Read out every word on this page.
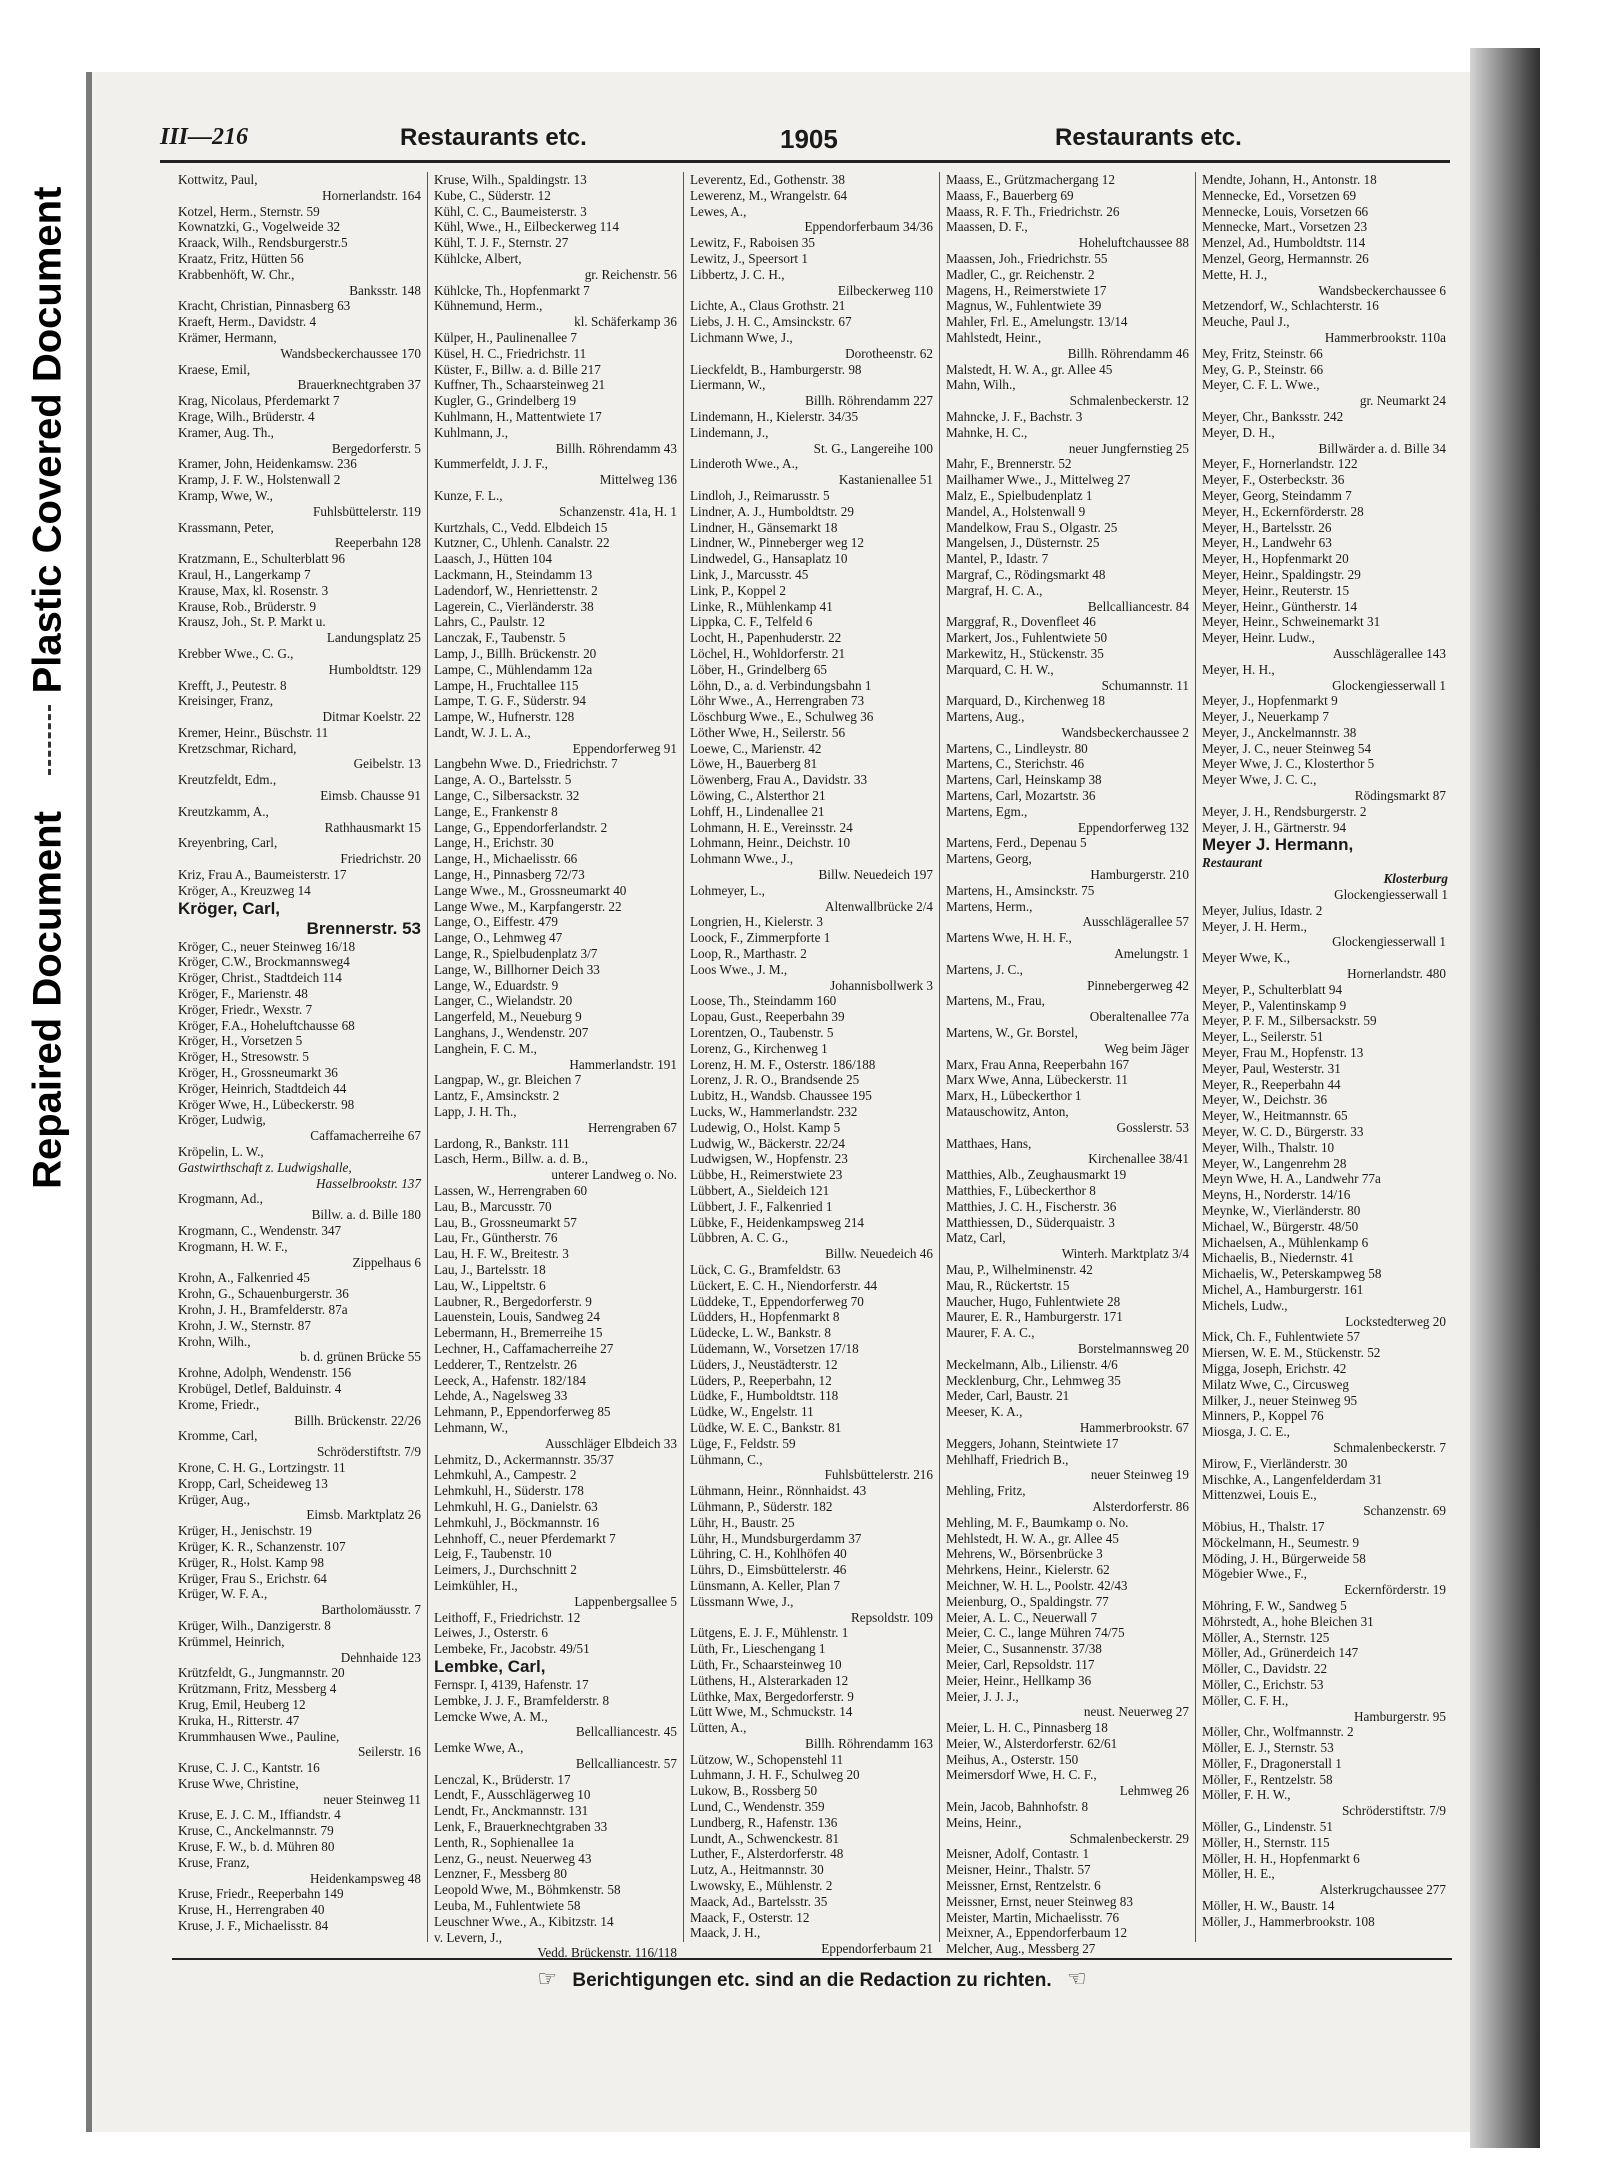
Plastic Covered Document
Repaired Document
III—216	Restaurants etc.	1905	Restaurants etc.
Kottwitz, Paul,
Hornerlandstr. 164
Kotzel, Herm., Sternstr. 59
Kownatzki, G., Vogelweide 32
Kraack, Wilh., Rendsburgerstr.5
Kraatz, Fritz, Hütten 56
Krabbenhöft, W. Chr.,
Banksstr. 148
Kracht, Christian, Pinnasberg 63
Kraeft, Herm., Davidstr. 4
Krämer, Hermann,
Wandsbeckerchaussee 170
Kraese, Emil,
Brauerknechtgraben 37
Krag, Nicolaus, Pferdemarkt 7
Krage, Wilh., Brüderstr. 4
Kramer, Aug. Th.,
Bergedorferstr. 5
Kramer, John, Heidenkamsw. 236
Kramp, J. F. W., Holstenwall 2
Kramp, Wwe, W.,
Fuhlsbüttelerstr. 119
Krassmann, Peter,
Reeperbahn 128
Kratzmann, E., Schulterblatt 96
Kraul, H., Langerkamp 7
Krause, Max, kl. Rosenstr. 3
Krause, Rob., Brüderstr. 9
Krausz, Joh., St. P. Markt u.
Landungsplatz 25
Krebber Wwe., C. G.,
Humboldtstr. 129
Krefft, J., Peutestr. 8
Kreisinger, Franz,
Ditmar Koelstr. 22
Kremer, Heinr., Büschstr. 11
Kretzschmar, Richard,
Geibelstr. 13
Kreutzfeldt, Edm.,
Eimsb. Chausse 91
Kreutzkamm, A.,
Rathhausmarkt 15
Kreyenbring, Carl,
Friedrichstr. 20
Kriz, Frau A., Baumeisterstr. 17
Kröger, A., Kreuzweg 14
Kröger, Carl,
Brennerstr. 53
Kröger, C., neuer Steinweg 16/18
Kröger, C.W., Brockmannsweg4
Kröger, Christ., Stadtdeich 114
Kröger, F., Marienstr. 48
Kröger, Friedr., Wexstr. 7
Kröger, F.A., Hoheluftchausse 68
Kröger, H., Vorsetzen 5
Kröger, H., Stresowstr. 5
Kröger, H., Grossneumarkt 36
Kröger, Heinrich, Stadtdeich 44
Kröger Wwe, H., Lübeckerstr. 98
Kröger, Ludwig,
Caffamacherreihe 67
Kröpelin, L. W.,
Gastwirthschaft z. Ludwigshalle,
Hasselbrookstr. 137
Krogmann, Ad.,
Billw. a. d. Bille 180
Krogmann, C., Wendenstr. 347
Krogmann, H. W. F.,
Zippelhaus 6
Krohn, A., Falkenried 45
Krohn, G., Schauenburgerstr. 36
Krohn, J. H., Bramfelderstr. 87a
Krohn, J. W., Sternstr. 87
Krohn, Wilh.,
b. d. grünen Brücke 55
Krohne, Adolph, Wendenstr. 156
Krobügel, Detlef, Balduinstr. 4
Krome, Friedr.,
Billh. Brückenstr. 22/26
Kromme, Carl,
Schröderstiftstr. 7/9
Krone, C. H. G., Lortzingstr. 11
Kropp, Carl, Scheideweg 13
Krüger, Aug.,
Eimsb. Marktplatz 26
Krüger, H., Jenischstr. 19
Krüger, K. R., Schanzenstr. 107
Krüger, R., Holst. Kamp 98
Krüger, Frau S., Erichstr. 64
Krüger, W. F. A.,
Bartholomäusstr. 7
Krüger, Wilh., Danzigerstr. 8
Krümmel, Heinrich,
Dehnhaide 123
Krützfeldt, G., Jungmannstr. 20
Krützmann, Fritz, Messberg 4
Krug, Emil, Heuberg 12
Kruka, H., Ritterstr. 47
Krummhausen Wwe., Pauline,
Seilerstr. 16
Kruse, C. J. C., Kantstr. 16
Kruse Wwe, Christine,
neuer Steinweg 11
Kruse, E. J. C. M., Iffiandstr. 4
Kruse, C., Anckelmannstr. 79
Kruse, F. W., b. d. Mühren 80
Kruse, Franz,
Heidenkampsweg 48
Kruse, Friedr., Reeperbahn 149
Kruse, H., Herrengraben 40
Kruse, J. F., Michaelisstr. 84
Kruse, Wilh., Spaldingstr. 13
Kube, C., Süderstr. 12
Kühl, C. C., Baumeisterstr. 3
Kühl, Wwe., H., Eilbeckerweg 114
Kühl, T. J. F., Sternstr. 27
Kühlcke, Albert,
gr. Reichenstr. 56
Kühlcke, Th., Hopfenmarkt 7
Kühnemund, Herm.,
kl. Schäferkamp 36
Külper, H., Paulinenallee 7
Küsel, H. C., Friedrichstr. 11
Küster, F., Billw. a. d. Bille 217
Kuffner, Th., Schaarsteinweg 21
Kugler, G., Grindelberg 19
Kuhlmann, H., Mattentwiete 17
Kuhlmann, J.,
Billh. Röhrendamm 43
Kummerfeldt, J. J. F.,
Mittelweg 136
Kunze, F. L.,
Schanzenstr. 41a, H. 1
Kurtzhals, C., Vedd. Elbdeich 15
Kutzner, C., Uhlenh. Canalstr. 22
Laasch, J., Hütten 104
Lackmann, H., Steindamm 13
Ladendorf, W., Henriettenstr. 2
Lagerein, C., Vierländerstr. 38
Lahrs, C., Paulstr. 12
Lanczak, F., Taubenstr. 5
Lamp, J., Billh. Brückenstr. 20
Lampe, C., Mühlendamm 12a
Lampe, H., Fruchtallee 115
Lampe, T. G. F., Süderstr. 94
Lampe, W., Hufnerstr. 128
Landt, W. J. L. A.,
Eppendorferweg 91
Langbehn Wwe. D., Friedrichstr. 7
Lange, A. O., Bartelsstr. 5
Lange, C., Silbersackstr. 32
Lange, E., Frankenstr 8
Lange, G., Eppendorferlandstr. 2
Lange, H., Erichstr. 30
Lange, H., Michaelisstr. 66
Lange, H., Pinnasberg 72/73
Lange Wwe., M., Grossneumarkt 40
Lange Wwe., M., Karpfangerstr. 22
Lange, O., Eiffestr. 479
Lange, O., Lehmweg 47
Lange, R., Spielbudenplatz 3/7
Lange, W., Billhorner Deich 33
Lange, W., Eduardstr. 9
Langer, C., Wielandstr. 20
Langerfeld, M., Neueburg 9
Langhans, J., Wendenstr. 207
Langhein, F. C. M.,
Hammerlandstr. 191
Langpap, W., gr. Bleichen 7
Lantz, F., Amsinckstr. 2
Lapp, J. H. Th.,
Herrengraben 67
Lardong, R., Bankstr. 111
Lasch, Herm., Billw. a. d. B.,
unterer Landweg o. No.
Lassen, W., Herrengraben 60
Lau, B., Marcusstr. 70
Lau, B., Grossneumarkt 57
Lau, Fr., Güntherstr. 76
Lau, H. F. W., Breitestr. 3
Lau, J., Bartelsstr. 18
Lau, W., Lippeltstr. 6
Laubner, R., Bergedorferstr. 9
Lauenstein, Louis, Sandweg 24
Lebermann, H., Bremerreihe 15
Lechner, H., Caffamacherreihe 27
Ledderer, T., Rentzelstr. 26
Leeck, A., Hafenstr. 182/184
Lehde, A., Nagelsweg 33
Lehmann, P., Eppendorferweg 85
Lehmann, W.,
Ausschläger Elbdeich 33
Lehmitz, D., Ackermannstr. 35/37
Lehmkuhl, A., Campestr. 2
Lehmkuhl, H., Süderstr. 178
Lehmkuhl, H. G., Danielstr. 63
Lehmkuhl, J., Böckmannstr. 16
Lehnhoff, C., neuer Pferdemarkt 7
Leig, F., Taubenstr. 10
Leimers, J., Durchschnitt 2
Leimkühler, H.,
Lappenbergsallee 5
Leithoff, F., Friedrichstr. 12
Leiwes, J., Osterstr. 6
Lembeke, Fr., Jacobstr. 49/51
Lembke, Carl,
Fernspr. I, 4139, Hafenstr. 17
Lembke, J. J. F., Bramfelderstr. 8
Lemcke Wwe, A. M.,
Bellcalliancestr. 45
Lemke Wwe, A.,
Bellcalliancestr. 57
Lenczal, K., Brüderstr. 17
Lendt, F., Ausschlägerweg 10
Lendt, Fr., Anckmannstr. 131
Lenk, F., Brauerknechtgraben 33
Lenth, R., Sophienallee 1a
Lenz, G., neust. Neuerweg 43
Lenzner, F., Messberg 80
Leopold Wwe, M., Böhmkenstr. 58
Leuba, M., Fuhlentwiete 58
Leuschner Wwe., A., Kibitzstr. 14
v. Levern, J.,
Vedd. Brückenstr. 116/118
Leverentz, Ed., Gothenstr. 38
Lewerenz, M., Wrangelstr. 64
Lewes, A.,
Eppendorferbaum 34/36
Lewitz, F., Raboisen 35
Lewitz, J., Speersort 1
Libbertz, J. C. H.,
Eilbeckerweg 110
Lichte, A., Claus Grothstr. 21
Liebs, J. H. C., Amsinckstr. 67
Lichmann Wwe, J.,
Dorotheenstr. 62
Lieckfeldt, B., Hamburgerstr. 98
Liermann, W.,
Billh. Röhrendamm 227
Lindemann, H., Kielerstr. 34/35
Lindemann, J.,
St. G., Langereihe 100
Linderoth Wwe., A.,
Kastanienallee 51
Lindloh, J., Reimarusstr. 5
Lindner, A. J., Humboldtstr. 29
Lindner, H., Gänsemarkt 18
Lindner, W., Pinneberger weg 12
Lindwedel, G., Hansaplatz 10
Link, J., Marcusstr. 45
Link, P., Koppel 2
Linke, R., Mühlenkamp 41
Lippka, C. F., Telfeld 6
Locht, H., Papenhuderstr. 22
Löchel, H., Wohldorferstr. 21
Löber, H., Grindelberg 65
Löhn, D., a. d. Verbindungsbahn 1
Löhr Wwe., A., Herrengraben 73
Löschburg Wwe., E., Schulweg 36
Löther Wwe, H., Seilerstr. 56
Loewe, C., Marienstr. 42
Löwe, H., Bauerberg 81
Löwenberg, Frau A., Davidstr. 33
Löwing, C., Alsterthor 21
Lohff, H., Lindenallee 21
Lohmann, H. E., Vereinsstr. 24
Lohmann, Heinr., Deichstr. 10
Lohmann Wwe., J.,
Billw. Neuedeich 197
Lohmeyer, L.,
Altenwallbrücke 2/4
Longrien, H., Kielerstr. 3
Loock, F., Zimmerpforte 1
Loop, R., Marthastr. 2
Loos Wwe., J. M.,
Johannisbollwerk 3
Loose, Th., Steindamm 160
Lopau, Gust., Reeperbahn 39
Lorentzen, O., Taubenstr. 5
Lorenz, G., Kirchenweg 1
Lorenz, H. M. F., Osterstr. 186/188
Lorenz, J. R. O., Brandsende 25
Lubitz, H., Wandsb. Chaussee 195
Lucks, W., Hammerlandstr. 232
Ludewig, O., Holst. Kamp 5
Ludwig, W., Bäckerstr. 22/24
Ludwigsen, W., Hopfenstr. 23
Lübbe, H., Reimerstwiete 23
Lübbert, A., Sieldeich 121
Lübbert, J. F., Falkenried 1
Lübke, F., Heidenkampsweg 214
Lübbren, A. C. G.,
Billw. Neuedeich 46
Lück, C. G., Bramfeldstr. 63
Lückert, E. C. H., Niendorferstr. 44
Lüddeke, T., Eppendorferweg 70
Lüdders, H., Hopfenmarkt 8
Lüdecke, L. W., Bankstr. 8
Lüdemann, W., Vorsetzen 17/18
Lüders, J., Neustädterstr. 12
Lüders, P., Reeperbahn, 12
Lüdke, F., Humboldtstr. 118
Lüdke, W., Engelstr. 11
Lüdke, W. E. C., Bankstr. 81
Lüge, F., Feldstr. 59
Lühmann, C.,
Fuhlsbüttelerstr. 216
Lühmann, Heinr., Rönnhaidst. 43
Lühmann, P., Süderstr. 182
Lühr, H., Baustr. 25
Lühr, H., Mundsburgerdamm 37
Lühring, C. H., Kohlhöfen 40
Lührs, D., Eimsbüttelerstr. 46
Lünsmann, A. Keller, Plan 7
Lüssmann Wwe, J.,
Repsoldstr. 109
Lütgens, E. J. F., Mühlenstr. 1
Lüth, Fr., Lieschengang 1
Lüth, Fr., Schaarsteinweg 10
Lüthens, H., Alsterarkaden 12
Lüthke, Max, Bergedorferstr. 9
Lütt Wwe, M., Schmuckstr. 14
Lütten, A.,
Billh. Röhrendamm 163
Lützow, W., Schopenstehl 11
Luhmann, J. H. F., Schulweg 20
Lukow, B., Rossberg 50
Lund, C., Wendenstr. 359
Lundberg, R., Hafenstr. 136
Lundt, A., Schwenckestr. 81
Luther, F., Alsterdorferstr. 48
Lutz, A., Heitmannstr. 30
Lwowsky, E., Mühlenstr. 2
Maack, Ad., Bartelsstr. 35
Maack, F., Osterstr. 12
Maack, J. H.,
Eppendorferbaum 21
Maass, E., Grützmachergang 12
Maass, F., Bauerberg 69
Maass, R. F. Th., Friedrichstr. 26
Maassen, D. F.,
Hoheluftchaussee 88
Maassen, Joh., Friedrichstr. 55
Madler, C., gr. Reichenstr. 2
Magens, H., Reimerstwiete 17
Magnus, W., Fuhlentwiete 39
Mahler, Frl. E., Amelungstr. 13/14
Mahlstedt, Heinr.,
Billh. Röhrendamm 46
Malstedt, H. W. A., gr. Allee 45
Mahn, Wilh.,
Schmalenbeckerstr. 12
Mahncke, J. F., Bachstr. 3
Mahnke, H. C.,
neuer Jungfernstieg 25
Mahr, F., Brennerstr. 52
Mailhamer Wwe., J., Mittelweg 27
Malz, E., Spielbudenplatz 1
Mandel, A., Holstenwall 9
Mandelkow, Frau S., Olgastr. 25
Mangelsen, J., Düsternstr. 25
Mantel, P., Idastr. 7
Margraf, C., Rödingsmarkt 48
Margraf, H. C. A.,
Bellcalliancestr. 84
Marggraf, R., Dovenfleet 46
Markert, Jos., Fuhlentwiete 50
Markewitz, H., Stückenstr. 35
Marquard, C. H. W.,
Schumannstr. 11
Marquard, D., Kirchenweg 18
Martens, Aug.,
Wandsbeckerchaussee 2
Martens, C., Lindleystr. 80
Martens, C., Sterichstr. 46
Martens, Carl, Heinskamp 38
Martens, Carl, Mozartstr. 36
Martens, Egm.,
Eppendorferweg 132
Martens, Ferd., Depenau 5
Martens, Georg,
Hamburgerstr. 210
Martens, H., Amsinckstr. 75
Martens, Herm.,
Ausschlägerallee 57
Martens Wwe, H. H. F.,
Amelungstr. 1
Martens, J. C.,
Pinnebergerweg 42
Martens, M., Frau,
Oberaltenallee 77a
Martens, W., Gr. Borstel,
Weg beim Jäger
Marx, Frau Anna, Reeperbahn 167
Marx Wwe, Anna, Lübeckerstr. 11
Marx, H., Lübeckerthor 1
Matauschowitz, Anton,
Gosslerstr. 53
Matthaes, Hans,
Kirchenallee 38/41
Matthies, Alb., Zeughausmarkt 19
Matthies, F., Lübeckerthor 8
Matthies, J. C. H., Fischerstr. 36
Matthiessen, D., Süderquaistr. 3
Matz, Carl,
Winterh. Marktplatz 3/4
Mau, P., Wilhelminenstr. 42
Mau, R., Rückertstr. 15
Maucher, Hugo, Fuhlentwiete 28
Maurer, E. R., Hamburgerstr. 171
Maurer, F. A. C.,
Borstelmannsweg 20
Meckelmann, Alb., Lilienstr. 4/6
Mecklenburg, Chr., Lehmweg 35
Meder, Carl, Baustr. 21
Meeser, K. A.,
Hammerbrookstr. 67
Meggers, Johann, Steintwiete 17
Mehlhaff, Friedrich B.,
neuer Steinweg 19
Mehling, Fritz,
Alsterdorferstr. 86
Mehling, M. F., Baumkamp o. No.
Mehlstedt, H. W. A., gr. Allee 45
Mehrens, W., Börsenbrücke 3
Mehrkens, Heinr., Kielerstr. 62
Meichner, W. H. L., Poolstr. 42/43
Meienburg, O., Spaldingstr. 77
Meier, A. L. C., Neuerwall 7
Meier, C. C., lange Mühren 74/75
Meier, C., Susannenstr. 37/38
Meier, Carl, Repsoldstr. 117
Meier, Heinr., Hellkamp 36
Meier, J. J. J.,
neust. Neuerweg 27
Meier, L. H. C., Pinnasberg 18
Meier, W., Alsterdorferstr. 62/61
Meihus, A., Osterstr. 150
Meimersdorf Wwe, H. C. F.,
Lehmweg 26
Mein, Jacob, Bahnhofstr. 8
Meins, Heinr.,
Schmalenbeckerstr. 29
Meisner, Adolf, Contastr. 1
Meisner, Heinr., Thalstr. 57
Meissner, Ernst, Rentzelstr. 6
Meissner, Ernst, neuer Steinweg 83
Meister, Martin, Michaelisstr. 76
Meixner, A., Eppendorferbaum 12
Melcher, Aug., Messberg 27
Mendte, Johann, H., Antonstr. 18
Mennecke, Ed., Vorsetzen 69
Mennecke, Louis, Vorsetzen 66
Mennecke, Mart., Vorsetzen 23
Menzel, Ad., Humboldtstr. 114
Menzel, Georg, Hermannstr. 26
Mette, H. J.,
Wandsbeckerchaussee 6
Metzendorf, W., Schlachterstr. 16
Meuche, Paul J.,
Hammerbrookstr. 110a
Mey, Fritz, Steinstr. 66
Mey, G. P., Steinstr. 66
Meyer, C. F. L. Wwe.,
gr. Neumarkt 24
Meyer, Chr., Banksstr. 242
Meyer, D. H.,
Billwärder a. d. Bille 34
Meyer, F., Hornerlandstr. 122
Meyer, F., Osterbeckstr. 36
Meyer, Georg, Steindamm 7
Meyer, H., Eckernförderstr. 28
Meyer, H., Bartelsstr. 26
Meyer, H., Landwehr 63
Meyer, H., Hopfenmarkt 20
Meyer, Heinr., Spaldingstr. 29
Meyer, Heinr., Reuterstr. 15
Meyer, Heinr., Güntherstr. 14
Meyer, Heinr., Schweinemarkt 31
Meyer, Heinr. Ludw.,
Ausschlägerallee 143
Meyer, H. H.,
Glockengiesserwall 1
Meyer, J., Hopfenmarkt 9
Meyer, J., Neuerkamp 7
Meyer, J., Anckelmannstr. 38
Meyer, J. C., neuer Steinweg 54
Meyer Wwe, J. C., Klosterthor 5
Meyer Wwe, J. C. C.,
Rödingsmarkt 87
Meyer, J. H., Rendsburgerstr. 2
Meyer, J. H., Gärtnerstr. 94
Meyer J. Hermann,
Restaurant
Klosterburg
Glockengiesserwall 1
Meyer, Julius, Idastr. 2
Meyer, J. H. Herm.,
Glockengiesserwall 1
Meyer Wwe, K.,
Hornerlandstr. 480
Meyer, P., Schulterblatt 94
Meyer, P., Valentinskamp 9
Meyer, P. F. M., Silbersackstr. 59
Meyer, L., Seilerstr. 51
Meyer, Frau M., Hopfenstr. 13
Meyer, Paul, Westerstr. 31
Meyer, R., Reeperbahn 44
Meyer, W., Deichstr. 36
Meyer, W., Heitmannstr. 65
Meyer, W. C. D., Bürgerstr. 33
Meyer, Wilh., Thalstr. 10
Meyer, W., Langenrehm 28
Meyn Wwe, H. A., Landwehr 77a
Meyns, H., Norderstr. 14/16
Meynke, W., Vierländerstr. 80
Michael, W., Bürgerstr. 48/50
Michaelsen, A., Mühlenkamp 6
Michaelis, B., Niedernstr. 41
Michaelis, W., Peterskampweg 58
Michel, A., Hamburgerstr. 161
Michels, Ludw.,
Lockstedterweg 20
Mick, Ch. F., Fuhlentwiete 57
Miersen, W. E. M., Stückenstr. 52
Migga, Joseph, Erichstr. 42
Milatz Wwe, C., Circusweg
Milker, J., neuer Steinweg 95
Minners, P., Koppel 76
Miosga, J. C. E.,
Schmalenbeckerstr. 7
Mirow, F., Vierländerstr. 30
Mischke, A., Langenfelderdam 31
Mittenzwei, Louis E.,
Schanzenstr. 69
Möbius, H., Thalstr. 17
Möckelmann, H., Seumestr. 9
Möding, J. H., Bürgerweide 58
Mögebier Wwe., F.,
Eckernförderstr. 19
Möhring, F. W., Sandweg 5
Möhrstedt, A., hohe Bleichen 31
Möller, A., Sternstr. 125
Möller, Ad., Grünerdeich 147
Möller, C., Davidstr. 22
Möller, C., Erichstr. 53
Möller, C. F. H.,
Hamburgerstr. 95
Möller, Chr., Wolfmannstr. 2
Möller, E. J., Sternstr. 53
Möller, F., Dragonerstall 1
Möller, F., Rentzelstr. 58
Möller, F. H. W.,
Schröderstiftstr. 7/9
Möller, G., Lindenstr. 51
Möller, H., Sternstr. 115
Möller, H. H., Hopfenmarkt 6
Möller, H. E.,
Alsterkrugchaussee 277
Möller, H. W., Baustr. 14
Möller, J., Hammerbrookstr. 108
☞ Berichtigungen etc. sind an die Redaction zu richten. ☜
